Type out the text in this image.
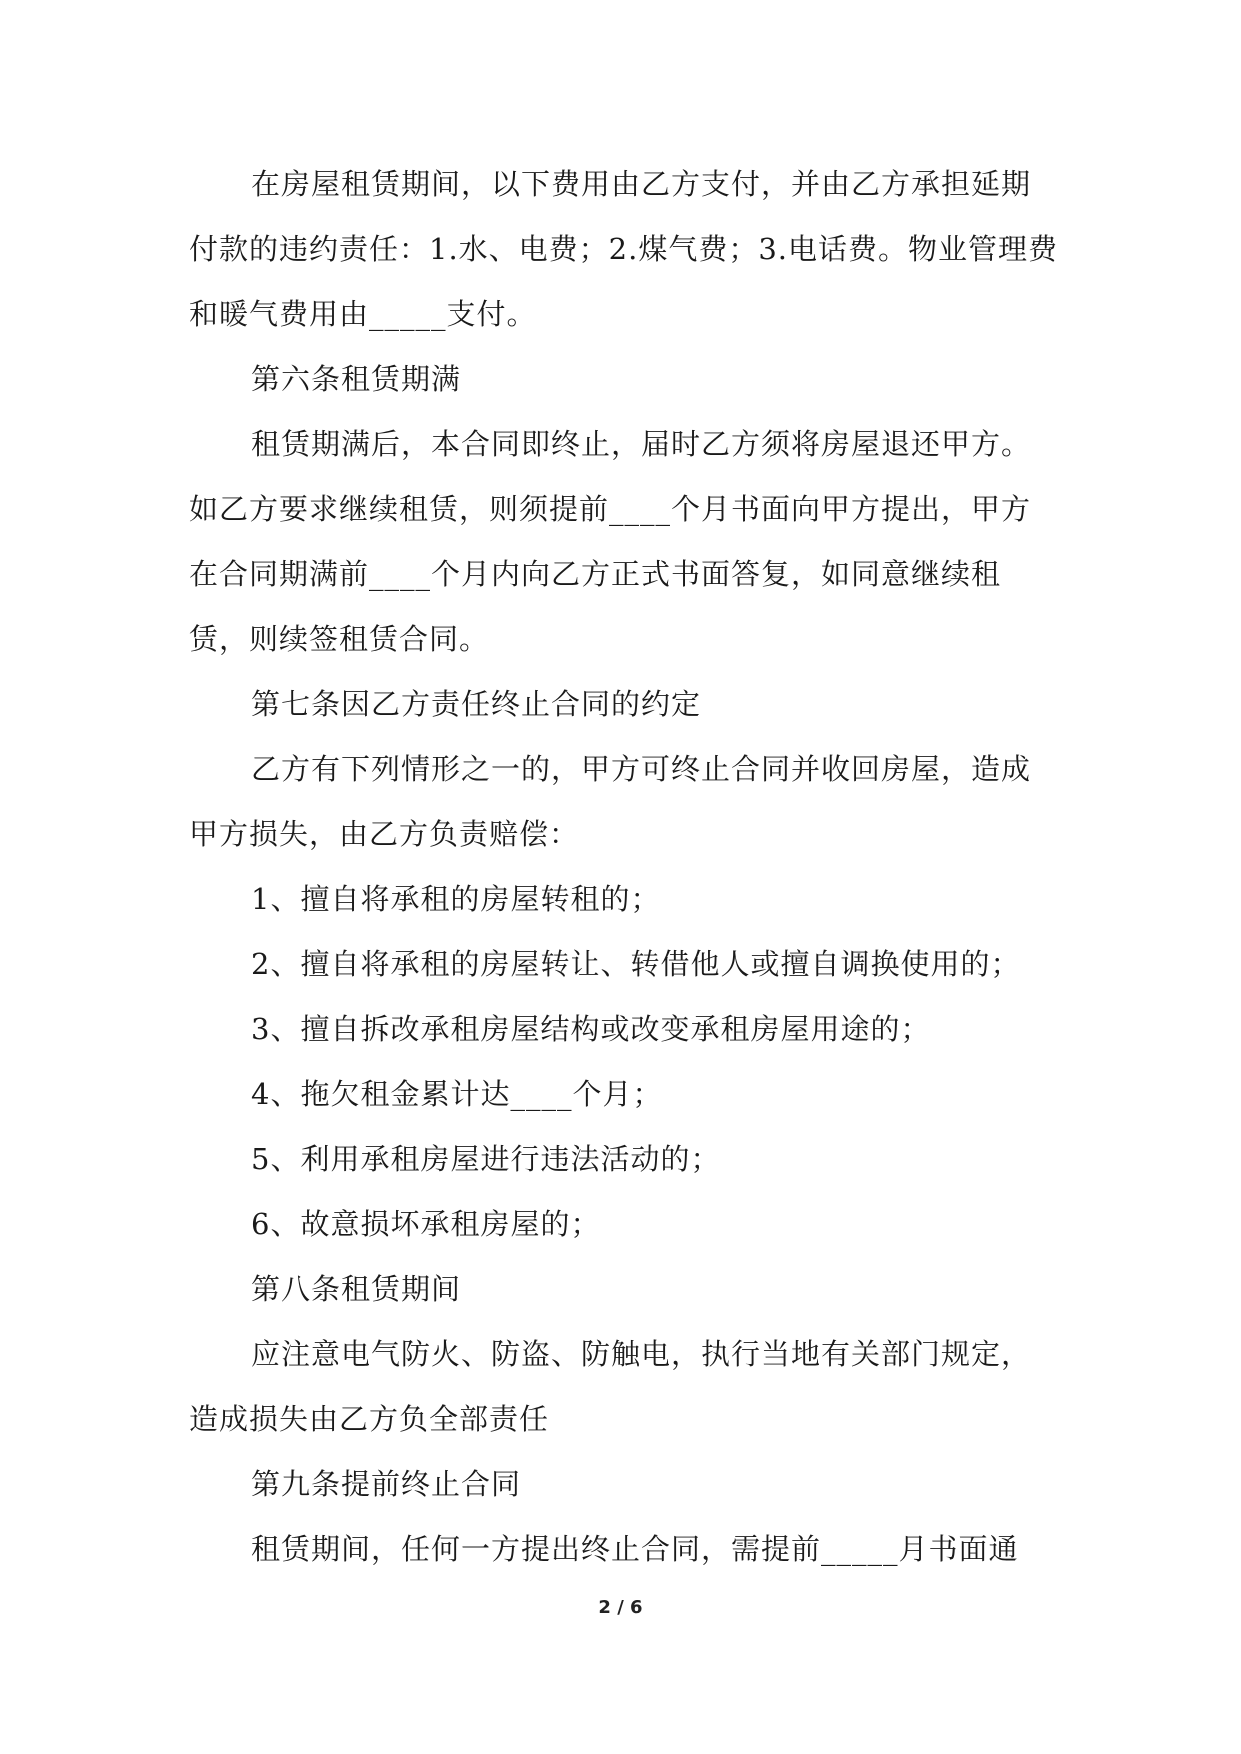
在房屋租赁期间，以下费用由乙方支付，并由乙方承担延期付款的违约责任：1.水、电费；2.煤气费；3.电话费。物业管理费和暖气费用由_____支付。

第六条租赁期满

租赁期满后，本合同即终止，届时乙方须将房屋退还甲方。如乙方要求继续租赁，则须提前____个月书面向甲方提出，甲方在合同期满前____个月内向乙方正式书面答复，如同意继续租赁，则续签租赁合同。

第七条因乙方责任终止合同的约定

乙方有下列情形之一的，甲方可终止合同并收回房屋，造成甲方损失，由乙方负责赔偿：

1、擅自将承租的房屋转租的；

2、擅自将承租的房屋转让、转借他人或擅自调换使用的；

3、擅自拆改承租房屋结构或改变承租房屋用途的；

4、拖欠租金累计达____个月；

5、利用承租房屋进行违法活动的；

6、故意损坏承租房屋的；

第八条租赁期间

应注意电气防火、防盗、防触电，执行当地有关部门规定，造成损失由乙方负全部责任

第九条提前终止合同

租赁期间，任何一方提出终止合同，需提前_____月书面通

2 / 6
